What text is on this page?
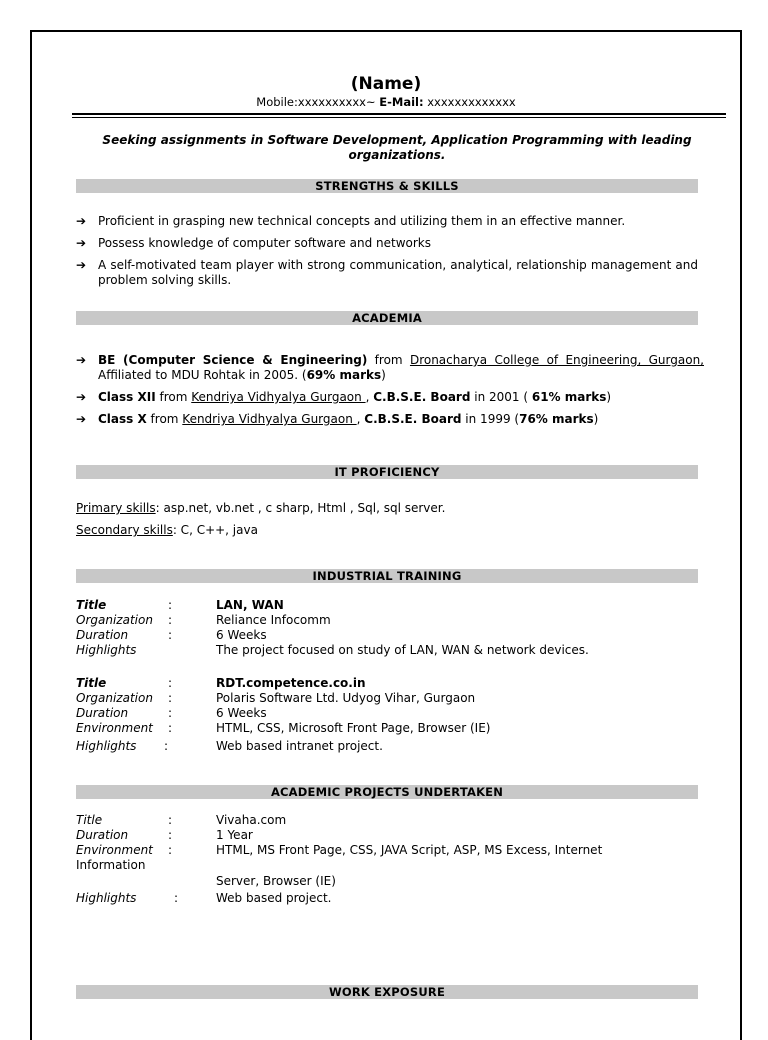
(Name)
Mobile:xxxxxxxxxx~ E-Mail: xxxxxxxxxxxxx
Seeking assignments in Software Development, Application Programming with leading organizations.
STRENGTHS & SKILLS
➔ Proficient in grasping new technical concepts and utilizing them in an effective manner.
➔ Possess knowledge of computer software and networks
➔ A self-motivated team player with strong communication, analytical, relationship management and problem solving skills.
ACADEMIA
➔ BE (Computer Science & Engineering) from Dronacharya College of Engineering, Gurgaon, Affiliated to MDU Rohtak in 2005. (69% marks)
➔ Class XII from Kendriya Vidhyalya Gurgaon , C.B.S.E. Board in 2001 ( 61% marks)
➔ Class X from Kendriya Vidhyalya Gurgaon , C.B.S.E. Board in 1999 (76% marks)
IT PROFICIENCY
Primary skills: asp.net, vb.net , c sharp, Html , Sql, sql server.
Secondary skills: C, C++, java
INDUSTRIAL TRAINING
Title	:	LAN, WAN
Organization :	Reliance Infocomm
Duration	:	6 Weeks
Highlights	The project focused on study of LAN, WAN & network devices.
Title	:	RDT.competence.co.in
Organization :	Polaris Software Ltd. Udyog Vihar, Gurgaon
Duration	:	6 Weeks
Environment :	HTML, CSS, Microsoft Front Page, Browser (IE)
Highlights :	Web based intranet project.
ACADEMIC PROJECTS UNDERTAKEN
Title	:	Vivaha.com
Duration	:	1 Year
Environment :	HTML, MS Front Page, CSS, JAVA Script, ASP, MS Excess, Internet
Information
Server, Browser (IE)
Highlights	:	Web based project.
WORK EXPOSURE
